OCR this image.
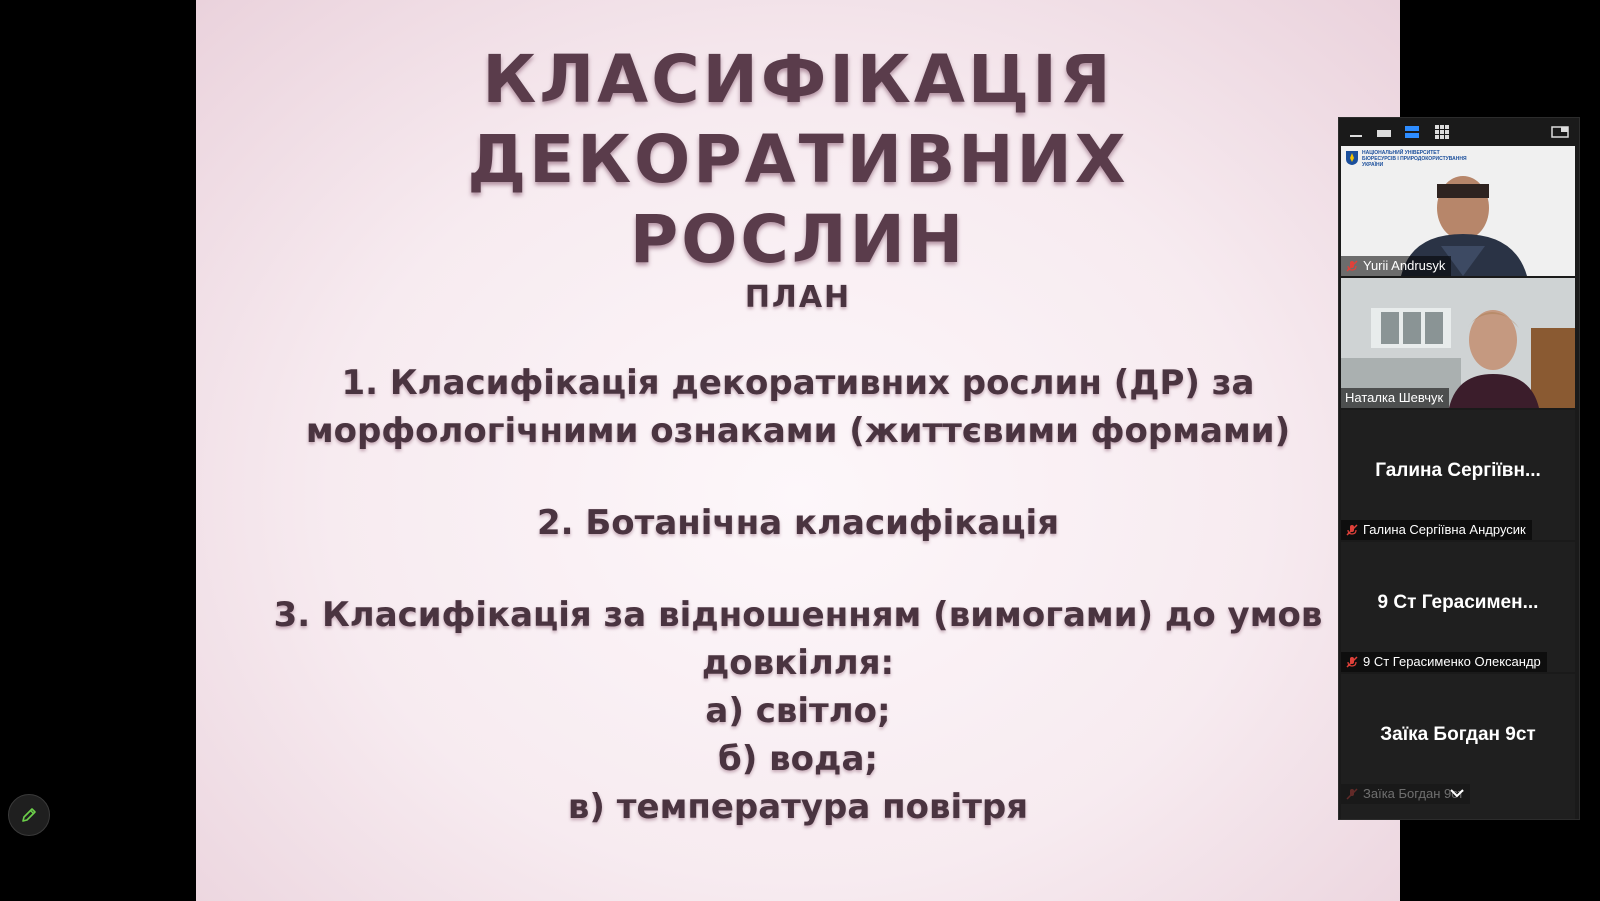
КЛАСИФІКАЦІЯ ДЕКОРАТИВНИХ
РОСЛИН
ПЛАН

1. Класифікація декоративних рослин (ДР) за

морфологічними ознаками (життєвими формами)

2. Ботанічна класифікація

3. Класифікація за відношенням (вимогами) до умов

довкілля:

а) світло;

б) вода;

в) температура повітря

НАЦІОНАЛЬНИЙ УНІВЕРСИТЕТ БІОРЕСУРСІВ І ПРИРОДОКОРИСТУВАННЯ УКРАЇНИ
Yurii Andrusyk
Наталка Шевчук
Галина Сергіївн...
Галина Сергіївна Андрусик
9 Ст Герасимен...
9 Ст Герасименко Олександр
Заїка Богдан 9ст
Заїка Богдан 9ст
